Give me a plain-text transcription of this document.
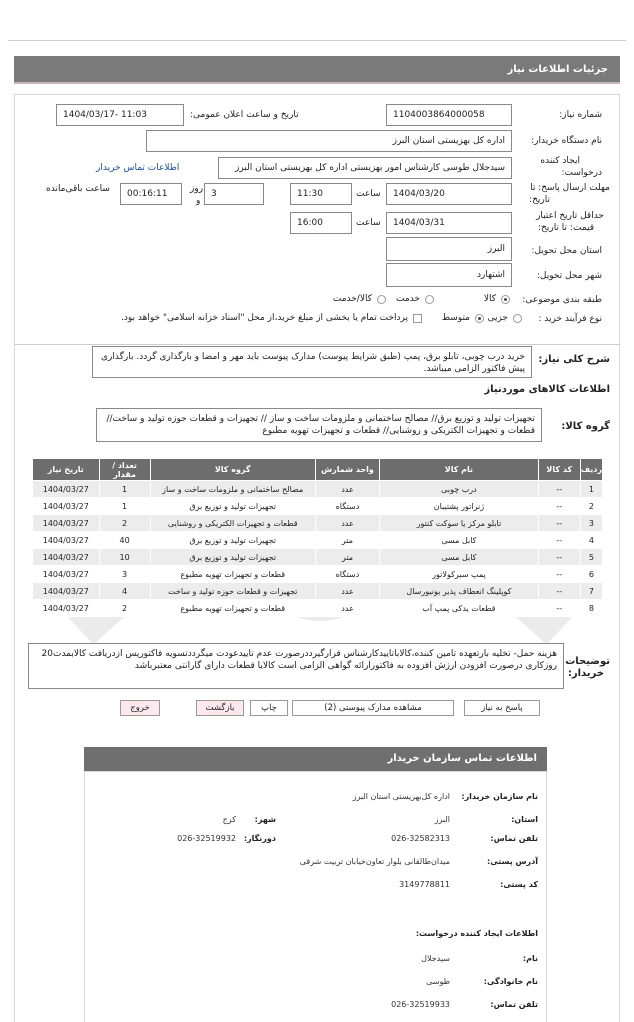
جزئیات اطلاعات نیاز
شماره نیاز:
1104003864000058
تاریخ و ساعت اعلان عمومی:
1404/03/17- 11:03
نام دستگاه خریدار:
اداره کل بهزیستی استان البرز
ایجاد کننده
درخواست:
سیدجلال طوسی کارشناس امور بهزیستی اداره کل بهزیستی استان البرز
اطلاعات تماس خریدار
مهلت ارسال پاسخ: تا
تاریخ:
1404/03/20
ساعت
11:30
3
روز
و
00:16:11
ساعت باقی‌مانده
حداقل تاریخ اعتبار
قیمت: تا تاریخ:
1404/03/31
ساعت
16:00
استان محل تحویل:
البرز
شهر محل تحویل:
اشتهارد
طبقه بندی موضوعی:
کالا
خدمت
کالا/خدمت
نوع فرآیند خرید :
جزیی
متوسط
پرداخت تمام یا بخشی از مبلغ خرید،از محل "اسناد خزانه اسلامی" خواهد بود.
شرح کلی نیاز:
خرید درب چوبی، تابلو برق، پمپ (طبق شرایط پیوست) مدارک پیوست باید مهر و امضا و بارگذاری گردد. بارگذاری پیش فاکتور الزامی میباشد.
اطلاعات کالاهای موردنیاز
گروه کالا:
تجهیزات تولید و توزیع برق// مصالح ساختمانی و ملزومات ساخت و ساز // تجهیزات و قطعات حوزه تولید و ساخت// قطعات و تجهیزات الکتریکی و روشنایی// قطعات و تجهیزات تهویه مطبوع
ردیف	کد کالا	نام کالا	واحد شمارش	گروه کالا	تعداد / مقدار	تاریخ نیاز
1	--	درب چوبی	عدد	مصالح ساختمانی و ملزومات ساخت و ساز	1	1404/03/27
2	--	ژنراتور پشتیبان	دستگاه	تجهیزات تولید و توزیع برق	1	1404/03/27
3	--	تابلو مرکز یا سوکت کنتور	عدد	قطعات و تجهیزات الکتریکی و روشنایی	2	1404/03/27
4	--	کابل مسی	متر	تجهیزات تولید و توزیع برق	40	1404/03/27
5	--	کابل مسی	متر	تجهیزات تولید و توزیع برق	10	1404/03/27
6	--	پمپ سیرکولاتور	دستگاه	قطعات و تجهیزات تهویه مطبوع	3	1404/03/27
7	--	کوپلینگ انعطاف پذیر یونیورسال	عدد	تجهیزات و قطعات حوزه تولید و ساخت	4	1404/03/27
8	--	قطعات یدکی پمپ آب	عدد	قطعات و تجهیزات تهویه مطبوع	2	1404/03/27
توضیحات
خریدار:
هزینه حمل- تخلیه بارتعهده تامین کننده،کالاباتاییدکارشناس قرارگیرددرصورت عدم تاییدعودت میگرددتسویه فاکتورپس ازدریافت کالابمدت20 روزکاری درصورت افزودن ارزش افزوده به فاکتورارائه گواهی الزامی است کالایا قطعات دارای گارانتی معتبرباشد
پاسخ به نیاز
مشاهده مدارک پیوستی (2)
چاپ
بازگشت
خروج
اطلاعات تماس سازمان خریدار
نام سازمان خریدار:
اداره کل‌بهزیستی استان البرز
استان:
البرز
شهر:
کرج
تلفن تماس:
026-32582313
دورنگار:
026-32519932
آدرس پستی:
میدان‌طالقانی بلوار تعاون‌خیابان تربیت شرقی
کد پستی:
3149778811
اطلاعات ایجاد کننده درخواست:
نام:
سیدجلال
نام خانوادگی:
طوسی
تلفن تماس:
026-32519933
